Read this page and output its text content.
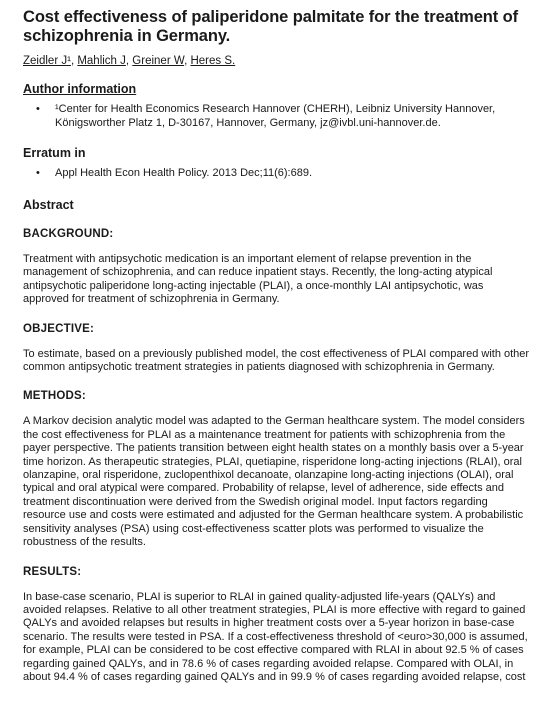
Cost effectiveness of paliperidone palmitate for the treatment of schizophrenia in Germany.
Zeidler J¹, Mahlich J, Greiner W, Heres S.
Author information
• ¹Center for Health Economics Research Hannover (CHERH), Leibniz University Hannover, Königsworther Platz 1, D-30167, Hannover, Germany, jz@ivbl.uni-hannover.de.
Erratum in
• Appl Health Econ Health Policy. 2013 Dec;11(6):689.
Abstract
BACKGROUND:

Treatment with antipsychotic medication is an important element of relapse prevention in the management of schizophrenia, and can reduce inpatient stays. Recently, the long-acting atypical antipsychotic paliperidone long-acting injectable (PLAI), a once-monthly LAI antipsychotic, was approved for treatment of schizophrenia in Germany.

OBJECTIVE:

To estimate, based on a previously published model, the cost effectiveness of PLAI compared with other common antipsychotic treatment strategies in patients diagnosed with schizophrenia in Germany.

METHODS:

A Markov decision analytic model was adapted to the German healthcare system. The model considers the cost effectiveness for PLAI as a maintenance treatment for patients with schizophrenia from the payer perspective. The patients transition between eight health states on a monthly basis over a 5-year time horizon. As therapeutic strategies, PLAI, quetiapine, risperidone long-acting injections (RLAI), oral olanzapine, oral risperidone, zuclopenthixol decanoate, olanzapine long-acting injections (OLAI), oral typical and oral atypical were compared. Probability of relapse, level of adherence, side effects and treatment discontinuation were derived from the Swedish original model. Input factors regarding resource use and costs were estimated and adjusted for the German healthcare system. A probabilistic sensitivity analyses (PSA) using cost-effectiveness scatter plots was performed to visualize the robustness of the results.

RESULTS:

In base-case scenario, PLAI is superior to RLAI in gained quality-adjusted life-years (QALYs) and avoided relapses. Relative to all other treatment strategies, PLAI is more effective with regard to gained QALYs and avoided relapses but results in higher treatment costs over a 5-year horizon in base-case scenario. The results were tested in PSA. If a cost-effectiveness threshold of <euro>30,000 is assumed, for example, PLAI can be considered to be cost effective compared with RLAI in about 92.5 % of cases regarding gained QALYs, and in 78.6 % of cases regarding avoided relapse. Compared with OLAI, in about 94.4 % of cases regarding gained QALYs and in 99.9 % of cases regarding avoided relapse, cost
